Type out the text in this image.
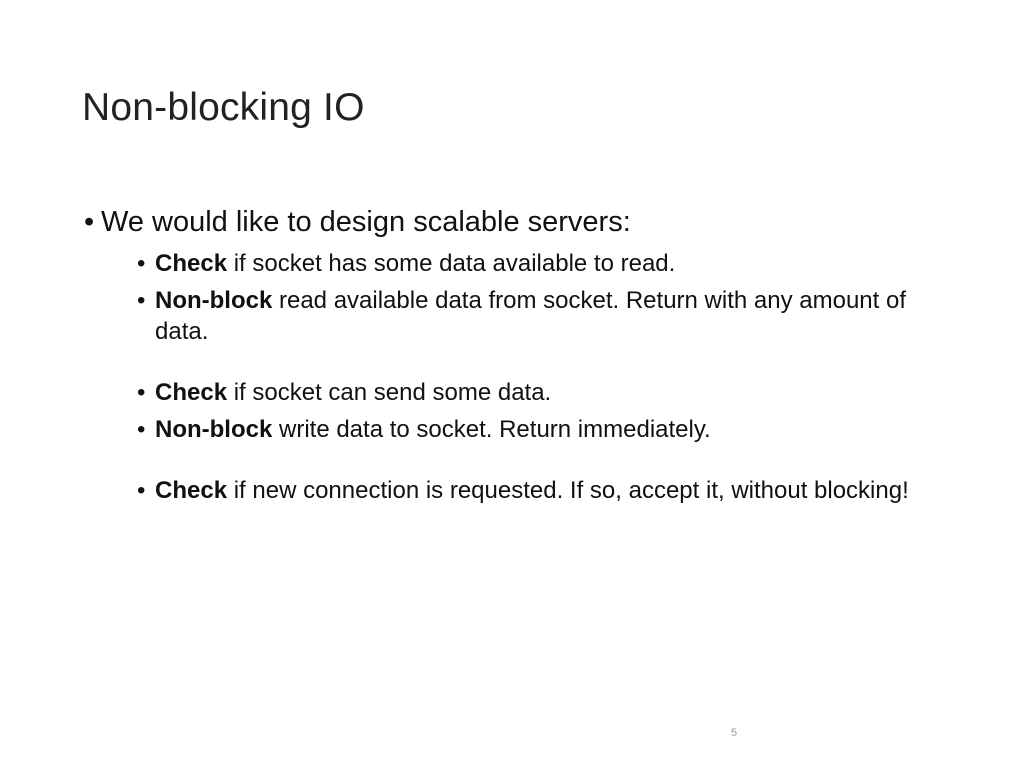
Non-blocking IO
• We would like to design scalable servers:
• Check if socket has some data available to read.
• Non-block read available data from socket. Return with any amount of data.
• Check if socket can send some data.
• Non-block write data to socket. Return immediately.
• Check if new connection is requested. If so, accept it, without blocking!
5
